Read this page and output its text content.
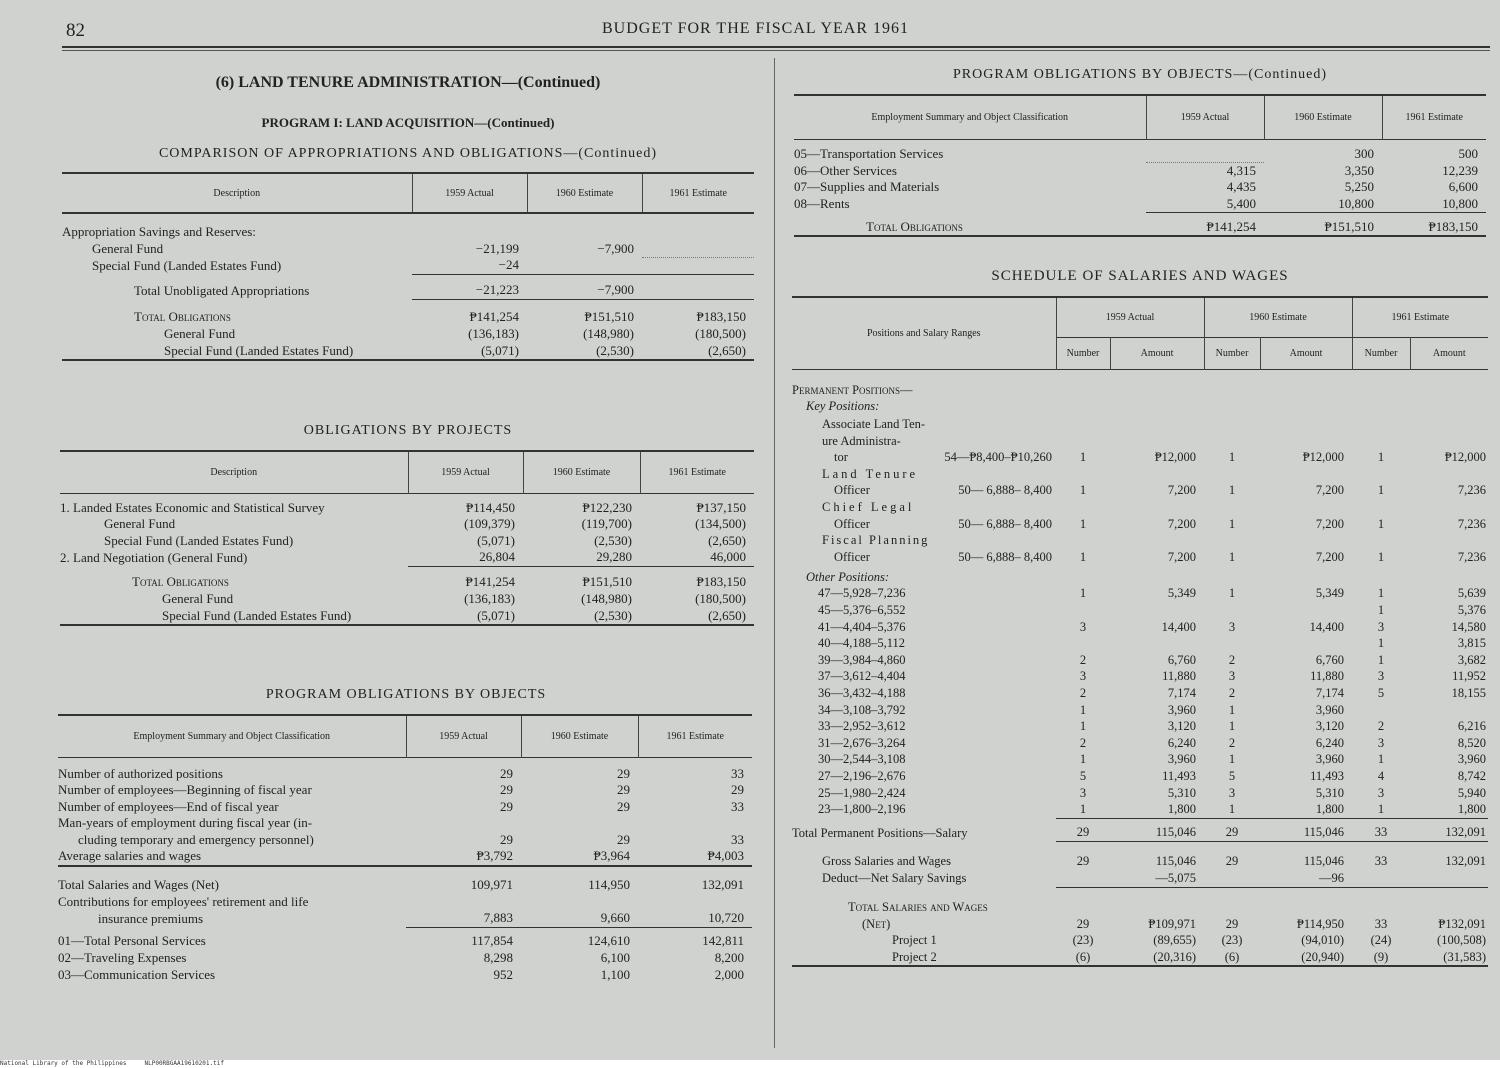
82	BUDGET FOR THE FISCAL YEAR 1961
(6) LAND TENURE ADMINISTRATION—(Continued)
PROGRAM I: LAND ACQUISITION—(Continued)
COMPARISON OF APPROPRIATIONS AND OBLIGATIONS—(Continued)
Description	1959 Actual	1960 Estimate	1961 Estimate

Appropriation Savings and Reserves:			
General Fund	−21,199	−7,900	
Special Fund (Landed Estates Fund)	−24		

Total Unobligated Appropriations	−21,223	−7,900	

Total Obligations	₱141,254	₱151,510	₱183,150
General Fund	(136,183)	(148,980)	(180,500)
Special Fund (Landed Estates Fund)	(5,071)	(2,530)	(2,650)

OBLIGATIONS BY PROJECTS
Description	1959 Actual	1960 Estimate	1961 Estimate

1. Landed Estates Economic and Statistical Survey	₱114,450	₱122,230	₱137,150
General Fund	(109,379)	(119,700)	(134,500)
Special Fund (Landed Estates Fund)	(5,071)	(2,530)	(2,650)
2. Land Negotiation (General Fund)	26,804	29,280	46,000

Total Obligations	₱141,254	₱151,510	₱183,150
General Fund	(136,183)	(148,980)	(180,500)
Special Fund (Landed Estates Fund)	(5,071)	(2,530)	(2,650)

PROGRAM OBLIGATIONS BY OBJECTS
Employment Summary and Object Classification	1959 Actual	1960 Estimate	1961 Estimate

Number of authorized positions	29	29	33
Number of employees—Beginning of fiscal year	29	29	29
Number of employees—End of fiscal year	29	29	33
Man-years of employment during fiscal year (in-			
cluding temporary and emergency personnel)	29	29	33
Average salaries and wages	₱3,792	₱3,964	₱4,003

Total Salaries and Wages (Net)	109,971	114,950	132,091
Contributions for employees' retirement and life			
insurance premiums	7,883	9,660	10,720

01—Total Personal Services	117,854	124,610	142,811
02—Traveling Expenses	8,298	6,100	8,200
03—Communication Services	952	1,100	2,000
PROGRAM OBLIGATIONS BY OBJECTS—(Continued)
Employment Summary and Object Classification	1959 Actual	1960 Estimate	1961 Estimate

05—Transportation Services		300	500
06—Other Services	4,315	3,350	12,239
07—Supplies and Materials	4,435	5,250	6,600
08—Rents	5,400	10,800	10,800

Total Obligations	₱141,254	₱151,510	₱183,150

SCHEDULE OF SALARIES AND WAGES
Positions and Salary Ranges	1959 Actual		1960 Estimate		1961 Estimate	
	Number	Amount	Number	Amount	Number	Amount

Permanent Positions—						
Key Positions:						
Associate Land Ten-						
ure Administra-						
tor 54—₱8,400–₱10,260	1	₱12,000	1	₱12,000	1	₱12,000
Land Tenure						
Officer 50— 6,888– 8,400	1	7,200	1	7,200	1	7,236
Chief Legal						
Officer 50— 6,888– 8,400	1	7,200	1	7,200	1	7,236
Fiscal Planning						
Officer 50— 6,888– 8,400	1	7,200	1	7,200	1	7,236
Other Positions:						
47—5,928–7,236	1	5,349	1	5,349	1	5,639
45—5,376–6,552					1	5,376
41—4,404–5,376	3	14,400	3	14,400	3	14,580
40—4,188–5,112					1	3,815
39—3,984–4,860	2	6,760	2	6,760	1	3,682
37—3,612–4,404	3	11,880	3	11,880	3	11,952
36—3,432–4,188	2	7,174	2	7,174	5	18,155
34—3,108–3,792	1	3,960	1	3,960		
33—2,952–3,612	1	3,120	1	3,120	2	6,216
31—2,676–3,264	2	6,240	2	6,240	3	8,520
30—2,544–3,108	1	3,960	1	3,960	1	3,960
27—2,196–2,676	5	11,493	5	11,493	4	8,742
25—1,980–2,424	3	5,310	3	5,310	3	5,940
23—1,800–2,196	1	1,800	1	1,800	1	1,800

Total Permanent Positions—Salary	29	115,046	29	115,046	33	132,091

Gross Salaries and Wages	29	115,046	29	115,046	33	132,091
Deduct—Net Salary Savings		—5,075		—96		

Total Salaries and Wages						
(Net)	29	₱109,971	29	₱114,950	33	₱132,091
Project 1	(23)	(89,655)	(23)	(94,010)	(24)	(100,508)
Project 2	(6)	(20,316)	(6)	(20,940)	(9)	(31,583)

National Library of the Philippines     NLP00RBGAA19610201.tif
